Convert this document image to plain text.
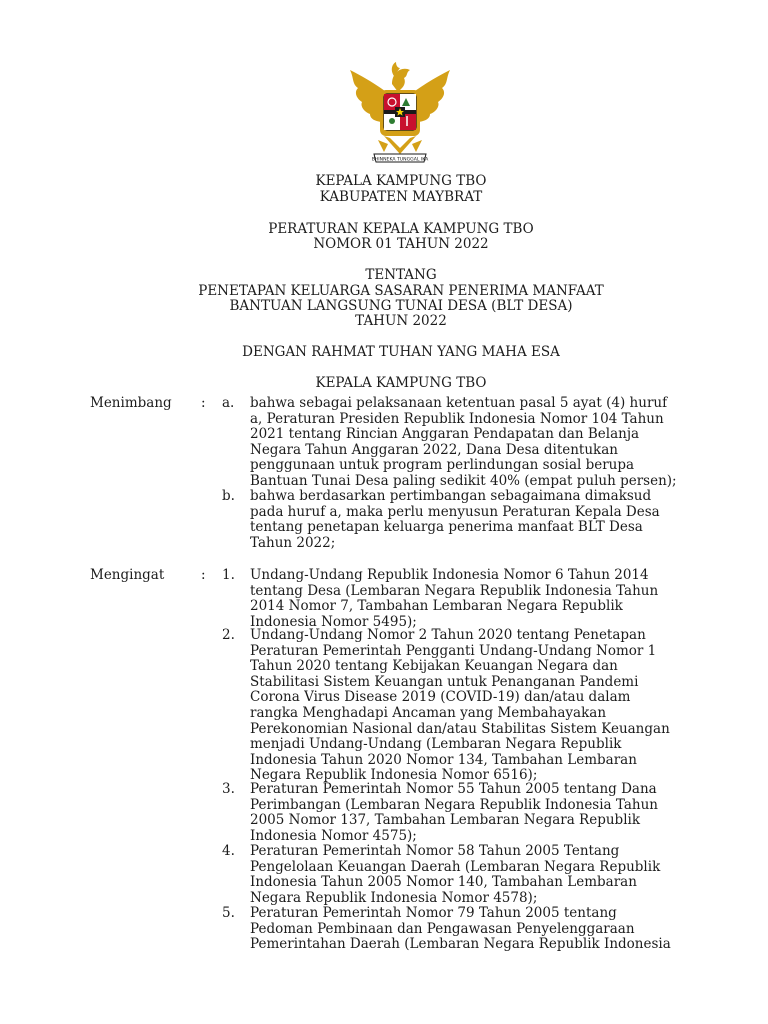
BHINNEKA TUNGGAL IKA
KEPALA KAMPUNG TBO
KABUPATEN MAYBRAT
PERATURAN KEPALA KAMPUNG TBO
NOMOR 01 TAHUN 2022
TENTANG
PENETAPAN KELUARGA SASARAN PENERIMA MANFAAT
BANTUAN LANGSUNG TUNAI DESA (BLT DESA)
TAHUN 2022
DENGAN RAHMAT TUHAN YANG MAHA ESA
KEPALA KAMPUNG TBO
Menimbang : a. bahwa sebagai pelaksanaan ketentuan pasal 5 ayat (4) huruf
a, Peraturan Presiden Republik Indonesia Nomor 104 Tahun
2021 tentang Rincian Anggaran Pendapatan dan Belanja
Negara Tahun Anggaran 2022, Dana Desa ditentukan
penggunaan untuk program perlindungan sosial berupa
Bantuan Tunai Desa paling sedikit 40% (empat puluh persen);
b. bahwa berdasarkan pertimbangan sebagaimana dimaksud
pada huruf a, maka perlu menyusun Peraturan Kepala Desa
tentang penetapan keluarga penerima manfaat BLT Desa
Tahun 2022;
Mengingat	: 1. Undang-Undang Republik Indonesia Nomor 6 Tahun 2014
tentang Desa (Lembaran Negara Republik Indonesia Tahun
2014 Nomor 7, Tambahan Lembaran Negara Republik
Indonesia Nomor 5495);
2. Undang-Undang Nomor 2 Tahun 2020 tentang Penetapan
Peraturan Pemerintah Pengganti Undang-Undang Nomor 1
Tahun 2020 tentang Kebijakan Keuangan Negara dan
Stabilitasi Sistem Keuangan untuk Penanganan Pandemi
Corona Virus Disease 2019 (COVID-19) dan/atau dalam
rangka Menghadapi Ancaman yang Membahayakan
Perekonomian Nasional dan/atau Stabilitas Sistem Keuangan
menjadi Undang-Undang (Lembaran Negara Republik
Indonesia Tahun 2020 Nomor 134, Tambahan Lembaran
Negara Republik Indonesia Nomor 6516);
3. Peraturan Pemerintah Nomor 55 Tahun 2005 tentang Dana
Perimbangan (Lembaran Negara Republik Indonesia Tahun
2005 Nomor 137, Tambahan Lembaran Negara Republik
Indonesia Nomor 4575);
4. Peraturan Pemerintah Nomor 58 Tahun 2005 Tentang
Pengelolaan Keuangan Daerah (Lembaran Negara Republik
Indonesia Tahun 2005 Nomor 140, Tambahan Lembaran
Negara Republik Indonesia Nomor 4578);
5. Peraturan Pemerintah Nomor 79 Tahun 2005 tentang
Pedoman Pembinaan dan Pengawasan Penyelenggaraan
Pemerintahan Daerah (Lembaran Negara Republik Indonesia
